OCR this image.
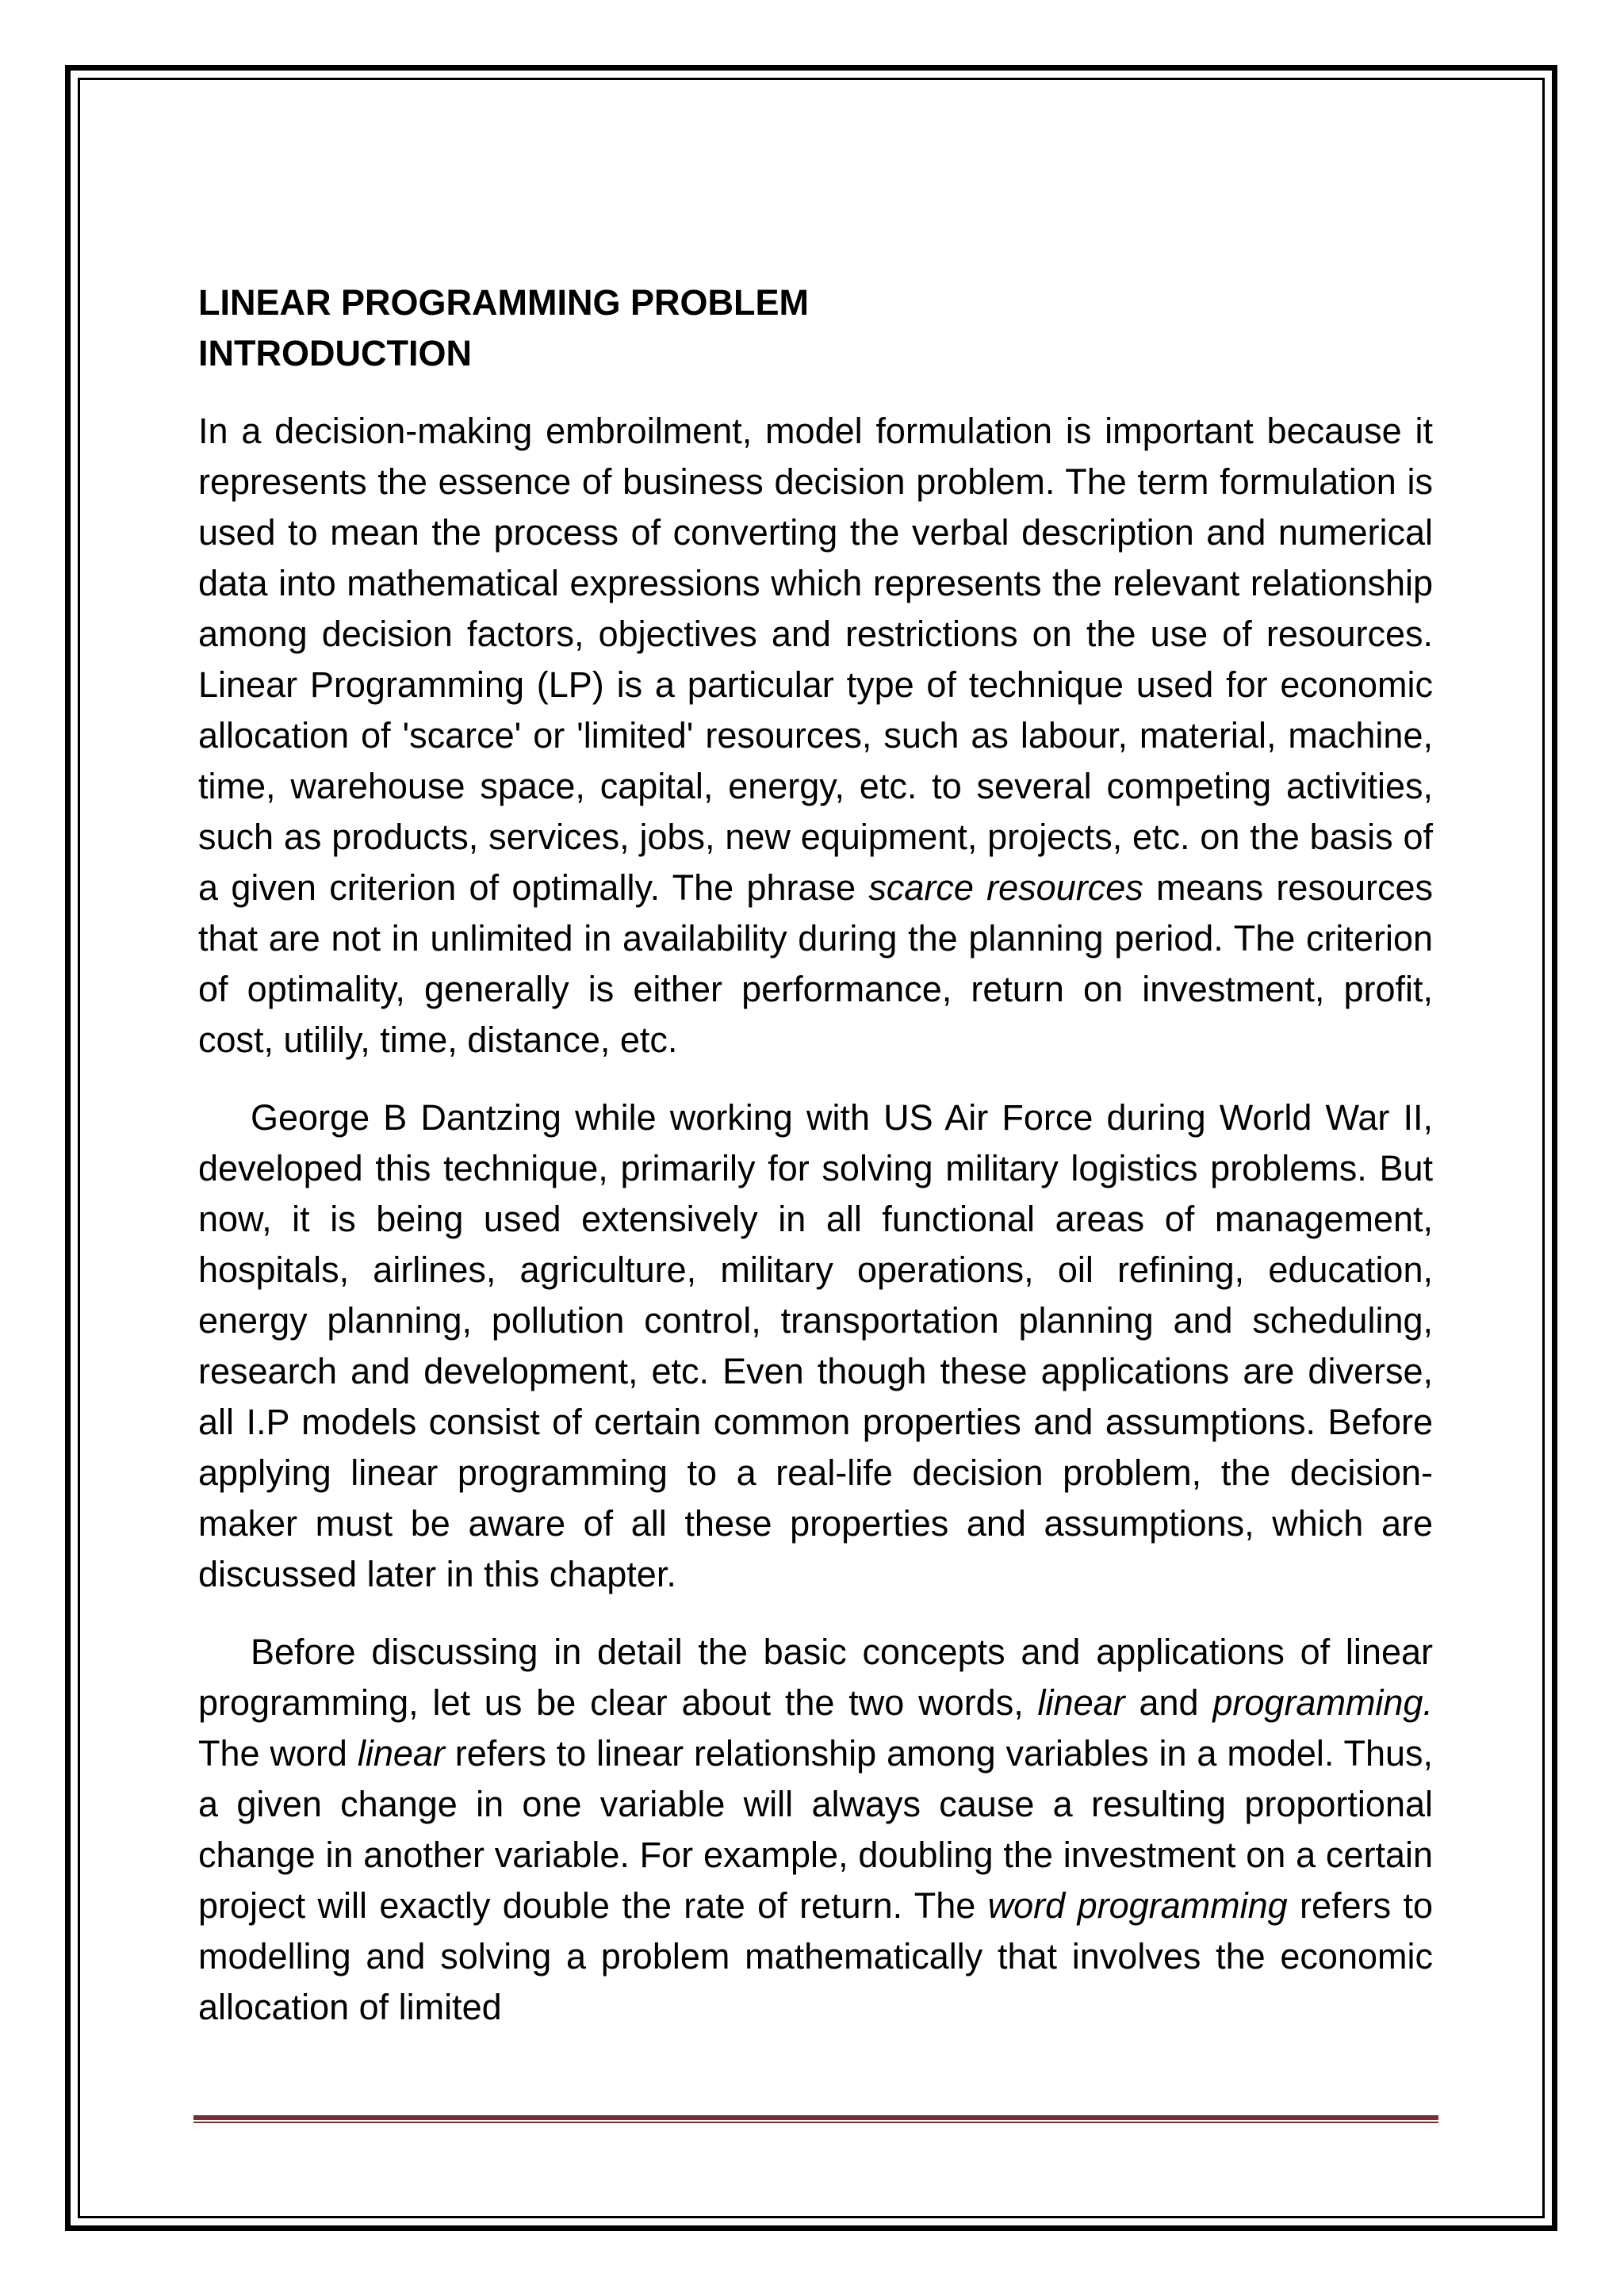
LINEAR PROGRAMMING PROBLEM

INTRODUCTION

In a decision-making embroilment, model formulation is important because it represents the essence of business decision problem. The term formulation is used to mean the process of converting the verbal description and numerical data into mathematical expressions which represents the relevant relationship among decision factors, objectives and restrictions on the use of resources. Linear Programming (LP) is a particular type of technique used for economic allocation of 'scarce' or 'limited' resources, such as labour, material, machine, time, warehouse space, capital, energy, etc. to several competing activities, such as products, services, jobs, new equipment, projects, etc. on the basis of a given criterion of optimally. The phrase scarce resources means resources that are not in unlimited in availability during the planning period. The criterion of optimality, generally is either performance, return on investment, profit, cost, utilily, time, distance, etc.

George B Dantzing while working with US Air Force during World War II, developed this technique, primarily for solving military logistics problems. But now, it is being used extensively in all functional areas of management, hospitals, airlines, agriculture, military operations, oil refining, education, energy planning, pollution control, transportation planning and scheduling, research and development, etc. Even though these applications are diverse, all I.P models consist of certain common properties and assumptions. Before applying linear programming to a real-life decision problem, the decision-maker must be aware of all these properties and assumptions, which are discussed later in this chapter.

Before discussing in detail the basic concepts and applications of linear programming, let us be clear about the two words, linear and programming. The word linear refers to linear relationship among variables in a model. Thus, a given change in one variable will always cause a resulting proportional change in another variable. For example, doubling the investment on a certain project will exactly double the rate of return. The word programming refers to modelling and solving a problem mathematically that involves the economic allocation of limited
